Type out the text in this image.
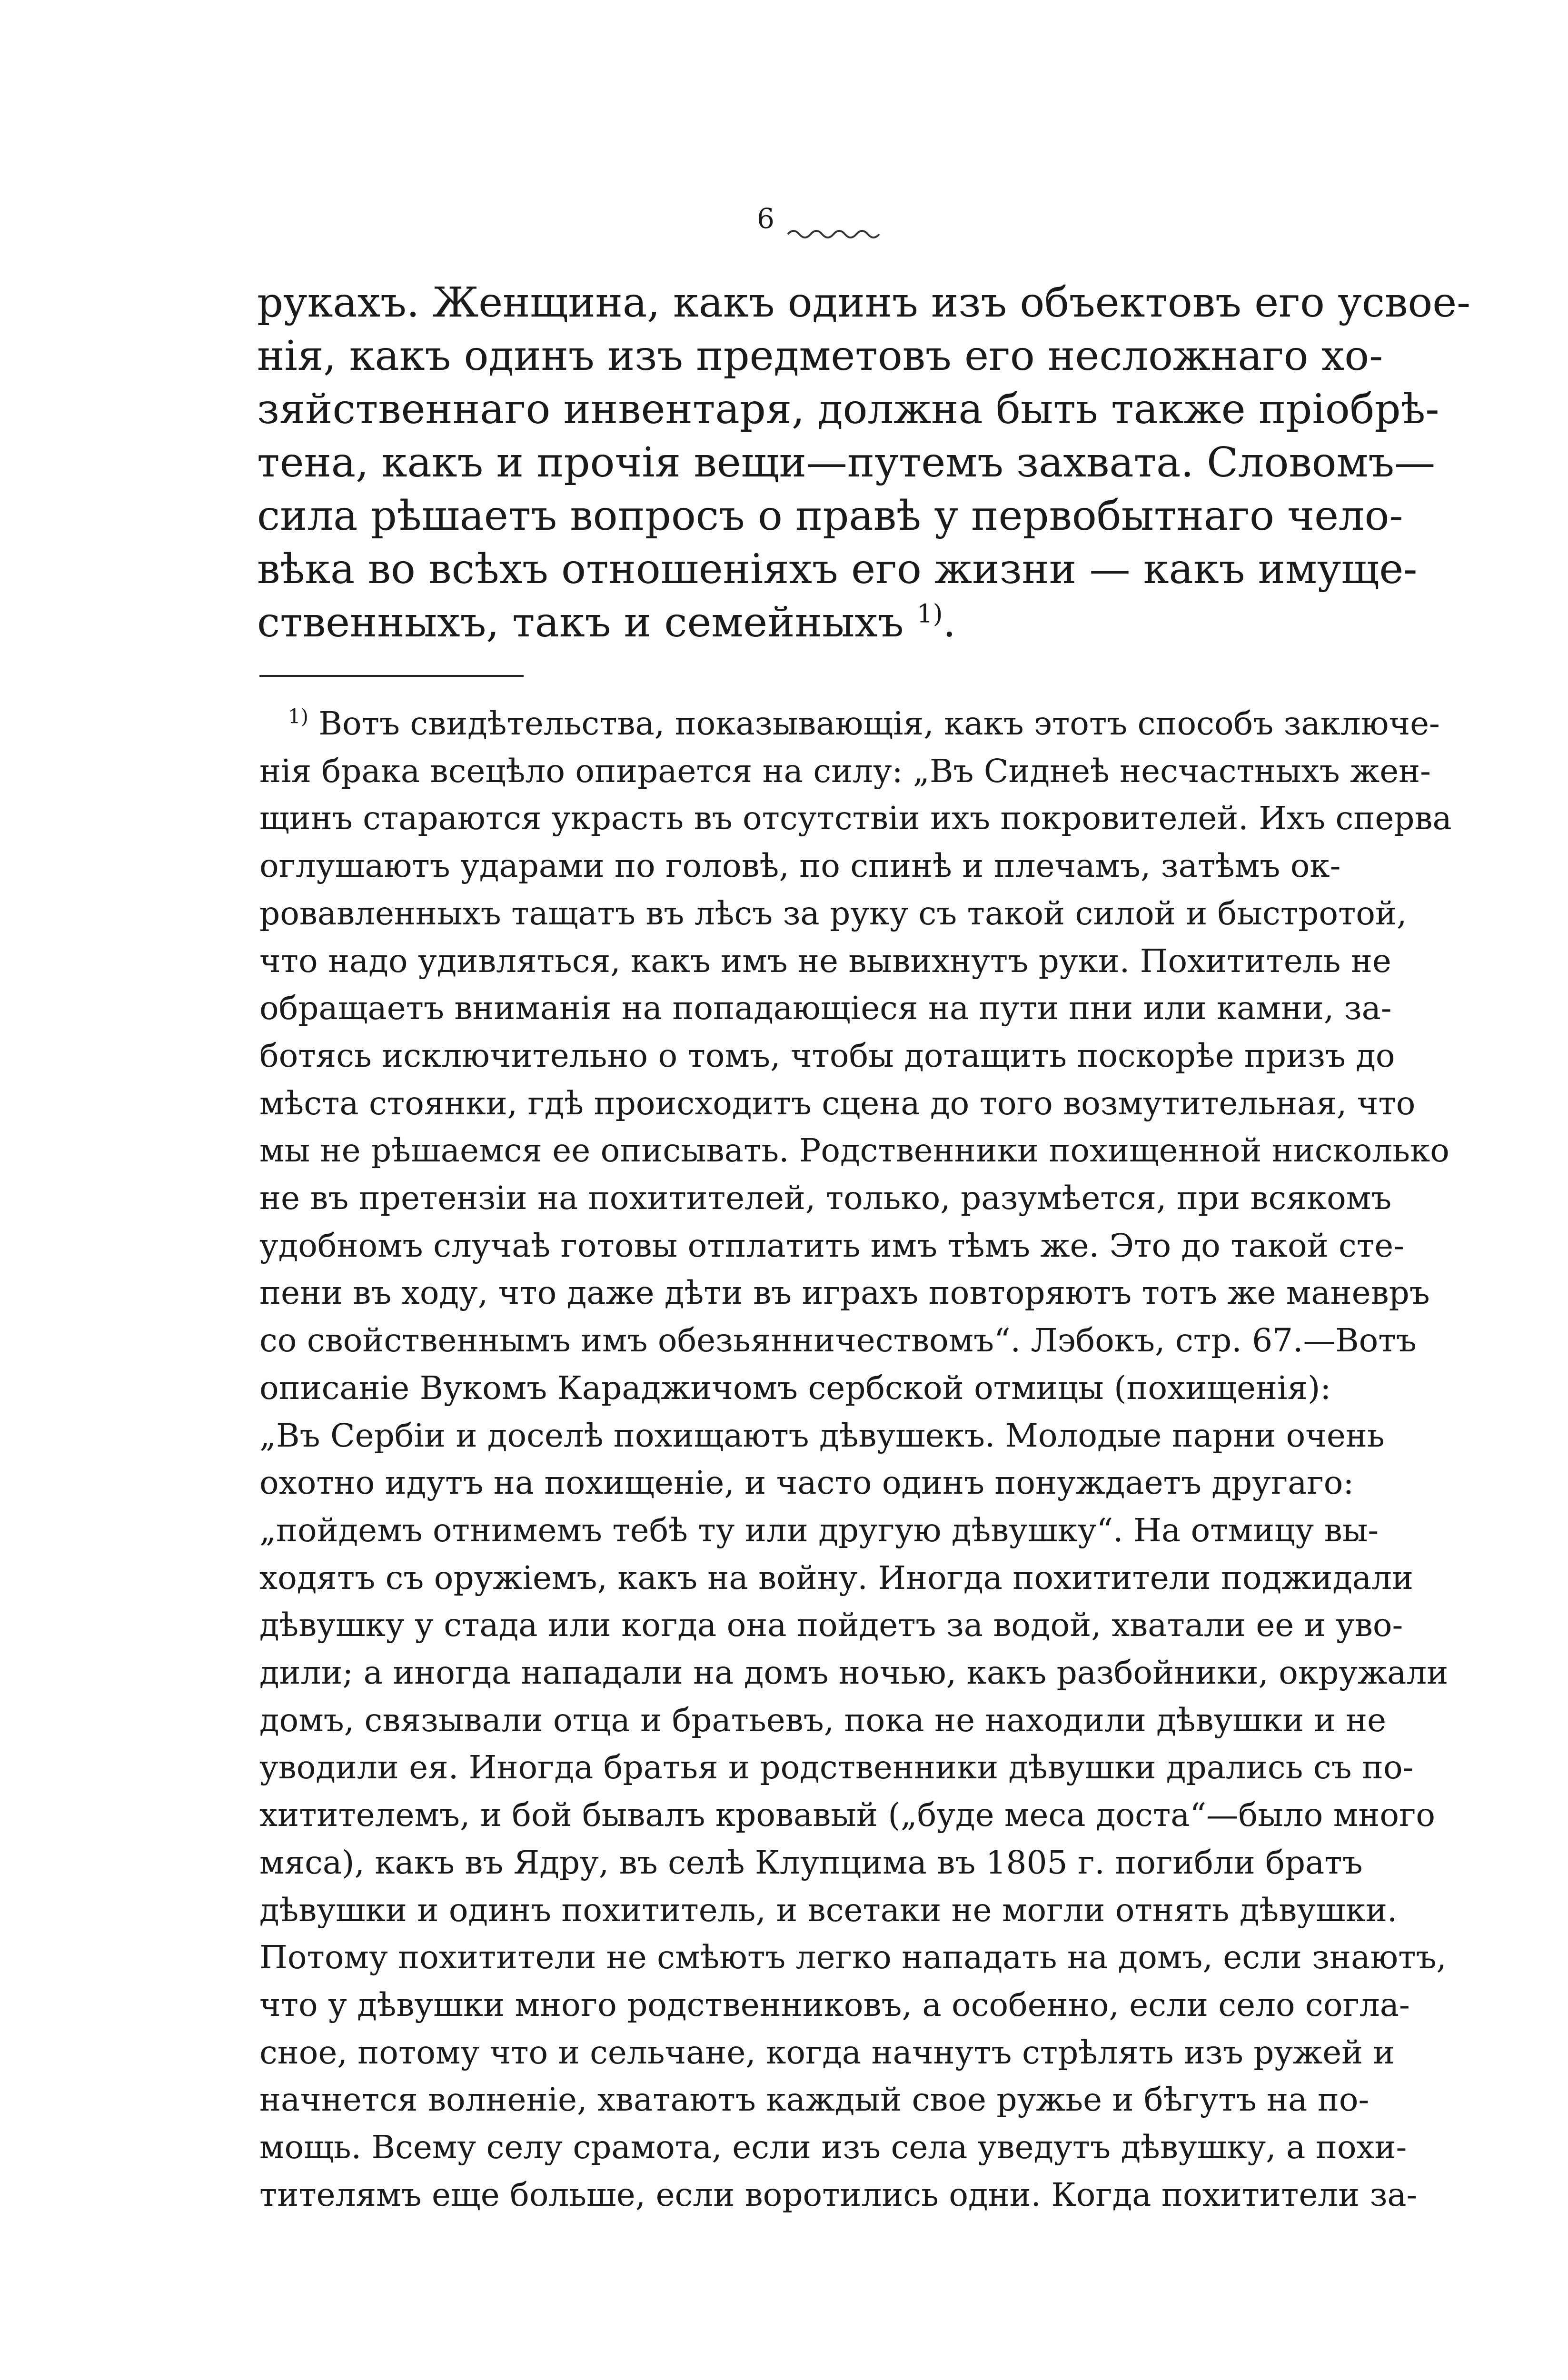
6
рукахъ. Женщина, какъ одинъ изъ объектовъ его усвое-
нія, какъ одинъ изъ предметовъ его несложнаго хо-
зяйственнаго инвентаря, должна быть также пріобрѣ-
тена, какъ и прочія вещи—путемъ захвата. Словомъ—
сила рѣшаетъ вопросъ о правѣ у первобытнаго чело-
вѣка во всѣхъ отношеніяхъ его жизни — какъ имуще-
ственныхъ, такъ и семейныхъ $^{1)}$.
$^{1)}$ Вотъ свидѣтельства, показывающія, какъ этотъ способъ заключе-
нія брака всецѣло опирается на силу: „Въ Сиднеѣ несчастныхъ жен-
щинъ стараются украсть въ отсутствіи ихъ покровителей. Ихъ сперва
оглушаютъ ударами по головѣ, по спинѣ и плечамъ, затѣмъ ок-
ровавленныхъ тащатъ въ лѣсъ за руку съ такой силой и быстротой,
что надо удивляться, какъ имъ не вывихнутъ руки. Похититель не
обращаетъ вниманія на попадающіеся на пути пни или камни, за-
ботясь исключительно о томъ, чтобы дотащить поскорѣе призъ до
мѣста стоянки, гдѣ происходитъ сцена до того возмутительная, что
мы не рѣшаемся ее описывать. Родственники похищенной нисколько
не въ претензіи на похитителей, только, разумѣется, при всякомъ
удобномъ случаѣ готовы отплатить имъ тѣмъ же. Это до такой сте-
пени въ ходу, что даже дѣти въ играхъ повторяютъ тотъ же маневръ
со свойственнымъ имъ обезьянничествомъ“. Лэбокъ, стр. 67.—Вотъ
описаніе Вукомъ Караджичомъ сербской отмицы (похищенія):
„Въ Сербіи и доселѣ похищаютъ дѣвушекъ. Молодые парни очень
охотно идутъ на похищеніе, и часто одинъ понуждаетъ другаго:
„пойдемъ отнимемъ тебѣ ту или другую дѣвушку“. На отмицу вы-
ходятъ съ оружіемъ, какъ на войну. Иногда похитители поджидали
дѣвушку у стада или когда она пойдетъ за водой, хватали ее и уво-
дили; а иногда нападали на домъ ночью, какъ разбойники, окружали
домъ, связывали отца и братьевъ, пока не находили дѣвушки и не
уводили ея. Иногда братья и родственники дѣвушки дрались съ по-
хитителемъ, и бой бывалъ кровавый („буде меса доста“—было много
мяса), какъ въ Ядру, въ селѣ Клупцима въ 1805 г. погибли братъ
дѣвушки и одинъ похититель, и всетаки не могли отнять дѣвушки.
Потому похитители не смѣютъ легко нападать на домъ, если знаютъ,
что у дѣвушки много родственниковъ, а особенно, если село согла-
сное, потому что и сельчане, когда начнутъ стрѣлять изъ ружей и
начнется волненіе, хватаютъ каждый свое ружье и бѣгутъ на по-
мощь. Всему селу срамота, если изъ села уведутъ дѣвушку, а похи-
тителямъ еще больше, если воротились одни. Когда похитители за-
